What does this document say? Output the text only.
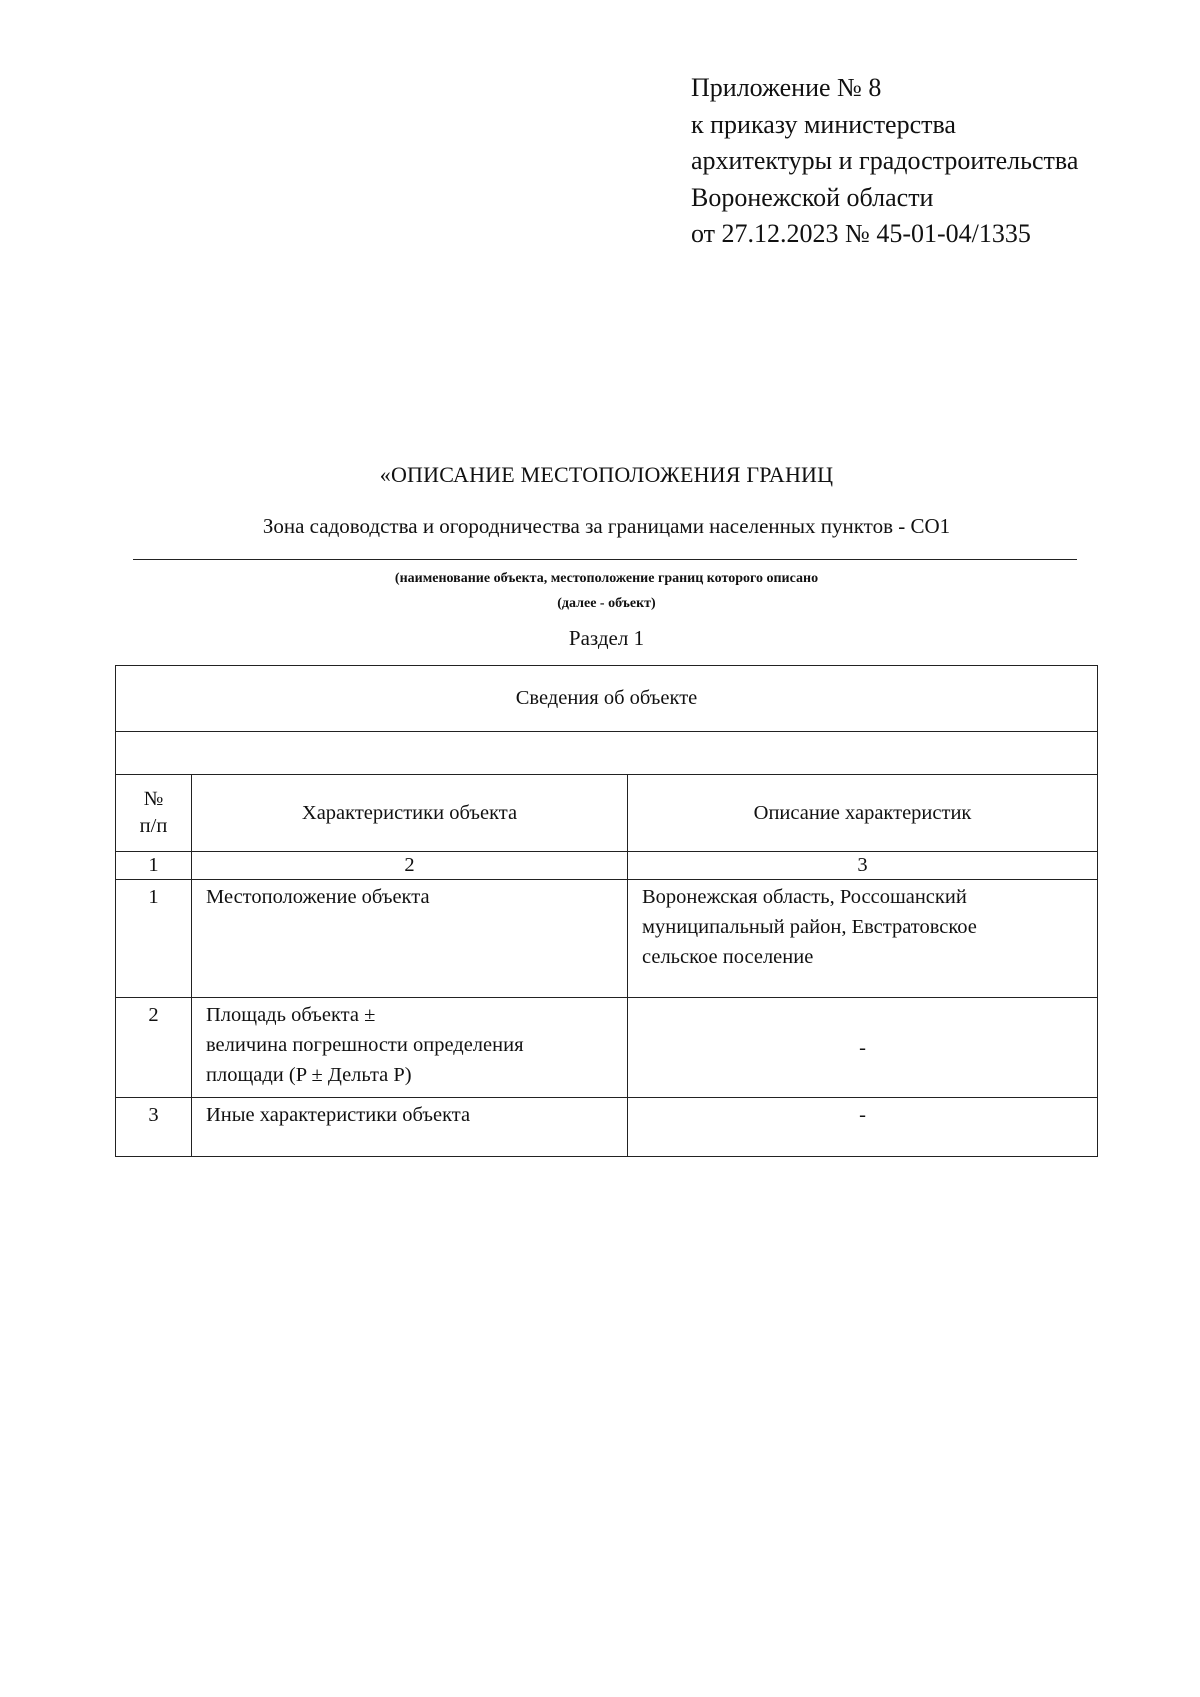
Приложение № 8
к приказу министерства
архитектуры и градостроительства
Воронежской области
от 27.12.2023 № 45-01-04/1335
«ОПИСАНИЕ МЕСТОПОЛОЖЕНИЯ ГРАНИЦ
Зона садоводства и огородничества за границами населенных пунктов - СО1
(наименование объекта, местоположение границ которого описано
(далее - объект)
Раздел 1
Сведения об объекте		

№
п/п	Характеристики объекта	Описание характеристик
1	2	3
1	Местоположение объекта	Воронежская область, Россошанский
муниципальный район, Евстратовское
сельское поселение

2	Площадь объекта ±
величина погрешности определения
площади (P ± Дельта P)	-
3	Иные характеристики объекта	-
